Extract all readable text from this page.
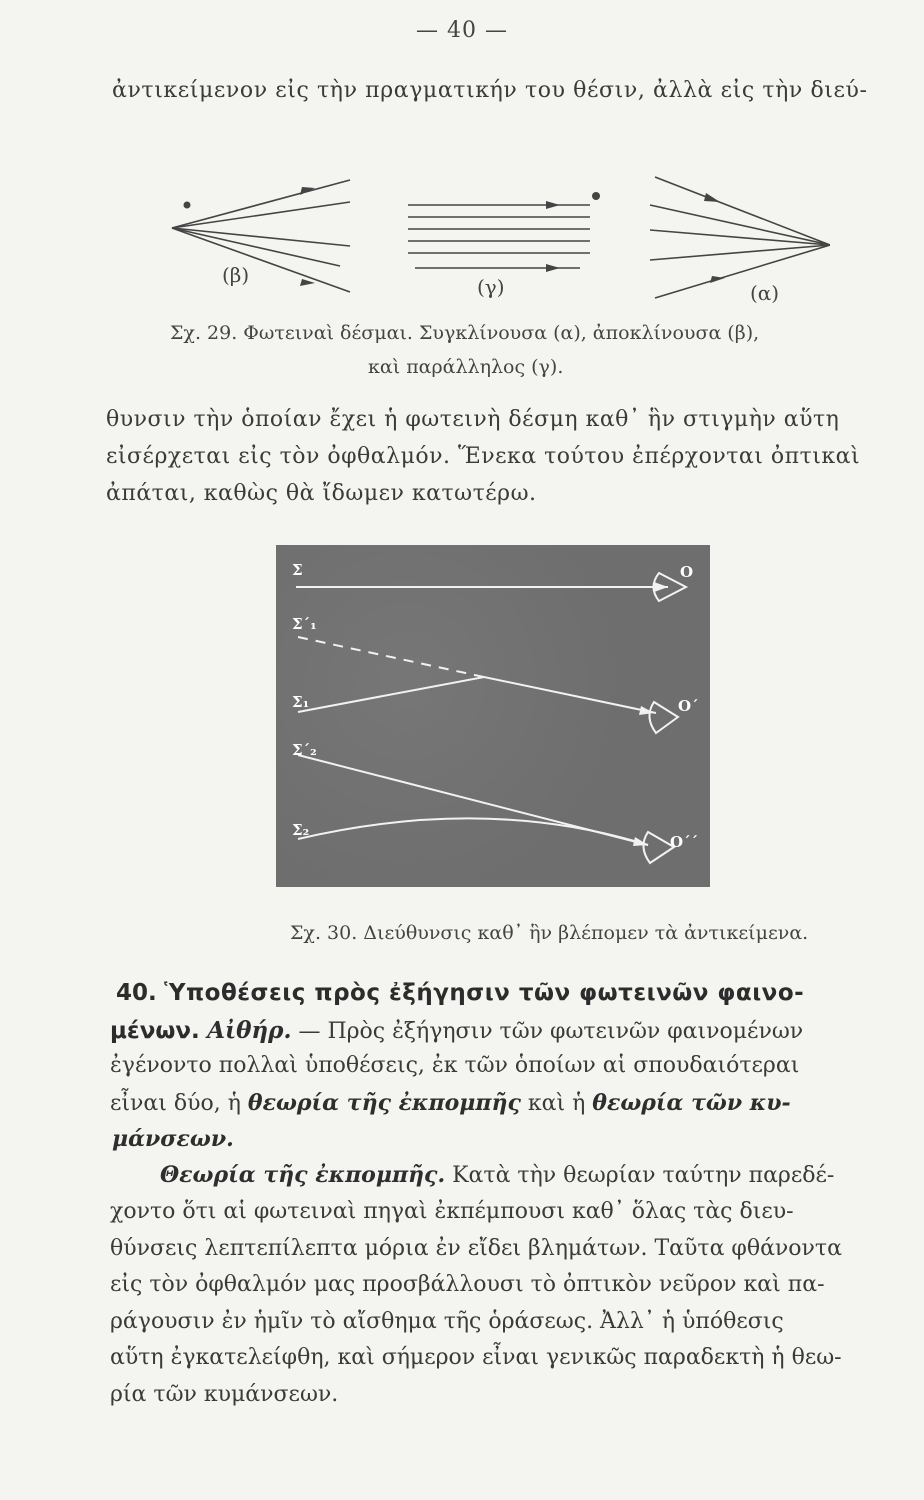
— 40 —
ἀντικείμενον εἰς τὴν πραγματικήν του θέσιν, ἀλλὰ εἰς τὴν διεύ-
(β)	(γ)	(α)
Σχ. 29. Φωτειναὶ δέσμαι. Συγκλίνουσα (α), ἀποκλίνουσα (β),
καὶ παράλληλος (γ).
θυνσιν τὴν ὁποίαν ἔχει ἡ φωτεινὴ δέσμη καθ᾽ ἣν στιγμὴν αὕτη
εἰσέρχεται εἰς τὸν ὀφθαλμόν. Ἕνεκα τούτου ἐπέρχονται ὀπτικαὶ
ἀπάται, καθὼς θὰ ἴδωμεν κατωτέρω.
Σ
Σ΄₁
Σ₁
Σ΄₂
Σ₂
Ο
Ο΄
Ο΄΄
Σχ. 30. Διεύθυνσις καθ᾽ ἣν βλέπομεν τὰ ἀντικείμενα.
40. Ὑποθέσεις πρὸς ἐξήγησιν τῶν φωτεινῶν φαινο-
μένων. Αἰθήρ. — Πρὸς ἐξήγησιν τῶν φωτεινῶν φαινομένων
ἐγένοντο πολλαὶ ὑποθέσεις, ἐκ τῶν ὁποίων αἱ σπουδαιότεραι
εἶναι δύο, ἡ θεωρία τῆς ἐκπομπῆς καὶ ἡ θεωρία τῶν κυ-
μάνσεων.
Θεωρία τῆς ἐκπομπῆς. Κατὰ τὴν θεωρίαν ταύτην παρεδέ-
χοντο ὅτι αἱ φωτειναὶ πηγαὶ ἐκπέμπουσι καθ᾽ ὅλας τὰς διευ-
θύνσεις λεπτεπίλεπτα μόρια ἐν εἴδει βλημάτων. Ταῦτα φθάνοντα
εἰς τὸν ὀφθαλμόν μας προσβάλλουσι τὸ ὀπτικὸν νεῦρον καὶ πα-
ράγουσιν ἐν ἡμῖν τὸ αἴσθημα τῆς ὁράσεως. Ἀλλ᾽ ἡ ὑπόθεσις
αὕτη ἐγκατελείφθη, καὶ σήμερον εἶναι γενικῶς παραδεκτὴ ἡ θεω-
ρία τῶν κυμάνσεων.
